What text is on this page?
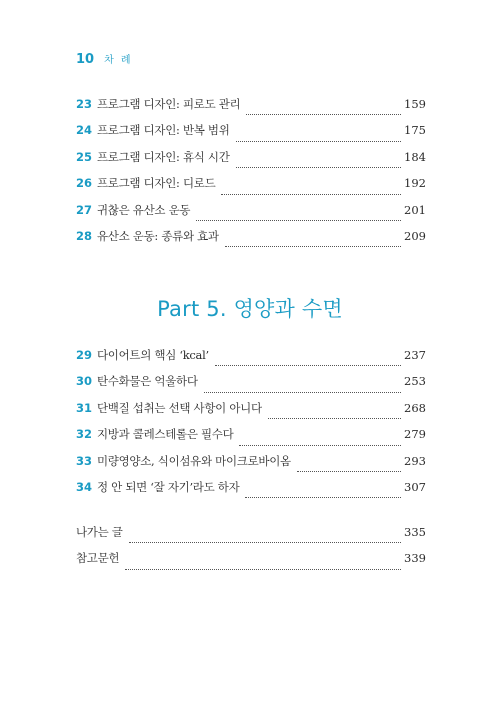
10 차 례
23 프로그램 디자인: 피로도 관리	159
24 프로그램 디자인: 반복 범위	175
25 프로그램 디자인: 휴식 시간	184
26 프로그램 디자인: 디로드	192
27 귀찮은 유산소 운동	201
28 유산소 운동: 종류와 효과	209
Part 5. 영양과 수면
29 다이어트의 핵심 ‘kcal’	237
30 탄수화물은 억울하다	253
31 단백질 섭취는 선택 사항이 아니다	268
32 지방과 콜레스테롤은 필수다	279
33 미량영양소, 식이섬유와 마이크로바이옴	293
34 정 안 되면 ‘잘 자기’라도 하자	307
나가는 글	335
참고문헌	339
